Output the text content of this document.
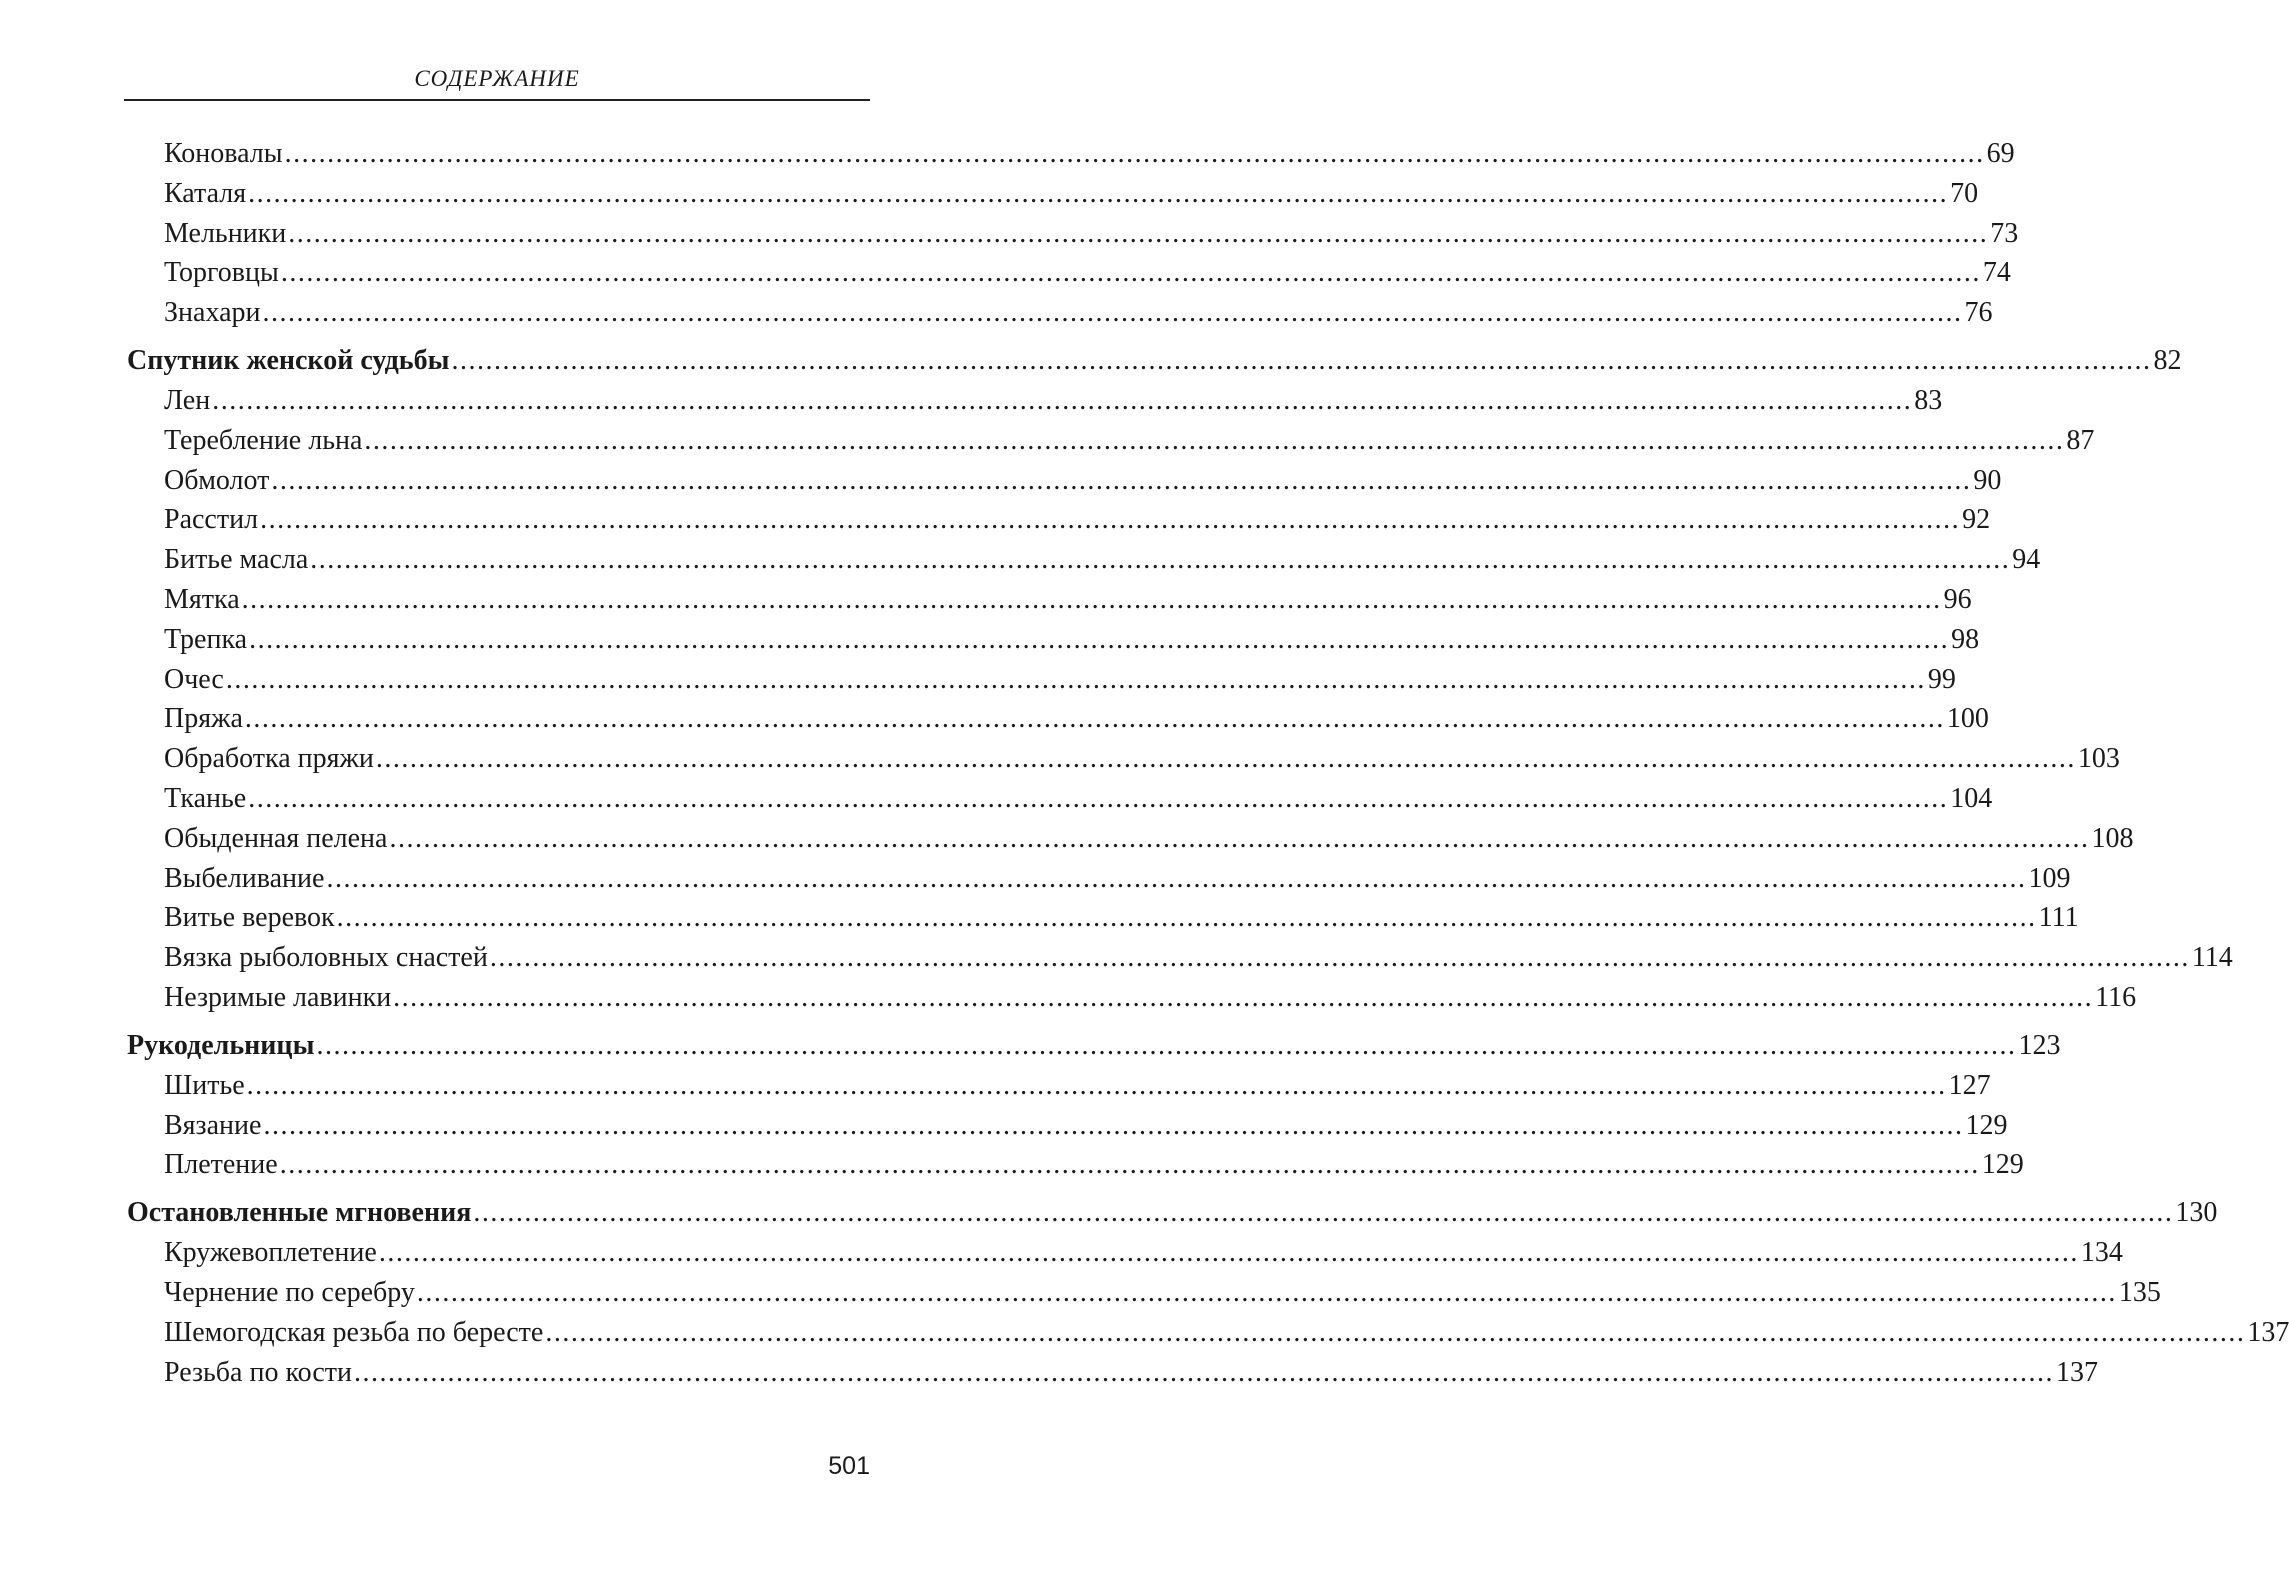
СОДЕРЖАНИЕ
Коновалы ........................................................................................................................................................................................................ 69
Каталя ........................................................................................................................................................................................................ 70
Мельники ........................................................................................................................................................................................................ 73
Торговцы ........................................................................................................................................................................................................ 74
Знахари ........................................................................................................................................................................................................ 76
Спутник женской судьбы ........................................................................................................................................................................................................ 82
Лен ........................................................................................................................................................................................................ 83
Теребление льна ........................................................................................................................................................................................................ 87
Обмолот ........................................................................................................................................................................................................ 90
Расстил ........................................................................................................................................................................................................ 92
Битье масла ........................................................................................................................................................................................................ 94
Мятка ........................................................................................................................................................................................................ 96
Трепка ........................................................................................................................................................................................................ 98
Очес ........................................................................................................................................................................................................ 99
Пряжа ........................................................................................................................................................................................................ 100
Обработка пряжи ........................................................................................................................................................................................................ 103
Тканье ........................................................................................................................................................................................................ 104
Обыденная пелена ........................................................................................................................................................................................................ 108
Выбеливание ........................................................................................................................................................................................................ 109
Витье веревок ........................................................................................................................................................................................................ 111
Вязка рыболовных снастей ........................................................................................................................................................................................................ 114
Незримые лавинки ........................................................................................................................................................................................................ 116
Рукодельницы ........................................................................................................................................................................................................ 123
Шитье ........................................................................................................................................................................................................ 127
Вязание ........................................................................................................................................................................................................ 129
Плетение ........................................................................................................................................................................................................ 129
Остановленные мгновения ........................................................................................................................................................................................................ 130
Кружевоплетение ........................................................................................................................................................................................................ 134
Чернение по серебру ........................................................................................................................................................................................................ 135
Шемогодская резьба по бересте ........................................................................................................................................................................................................ 137
Резьба по кости ........................................................................................................................................................................................................ 137
501
